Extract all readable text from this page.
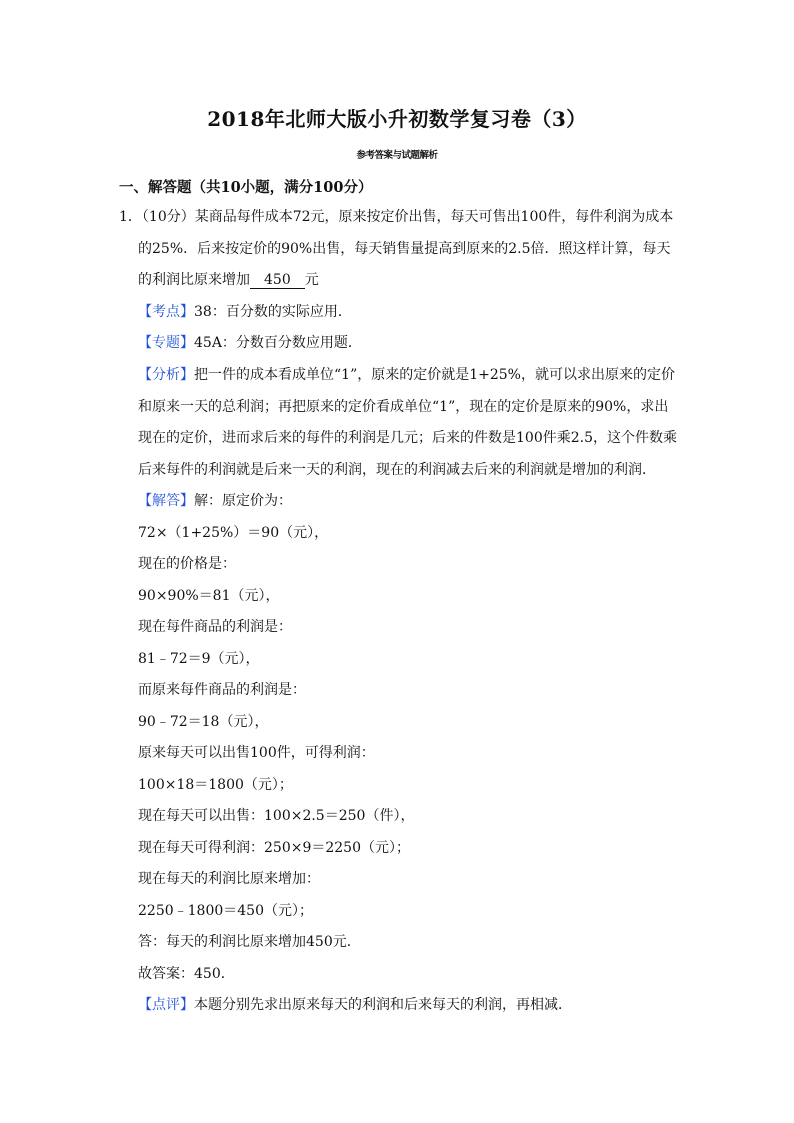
2018年北师大版小升初数学复习卷（3）
参考答案与试题解析
一、解答题（共10小题，满分100分）
1．（10分）某商品每件成本72元，原来按定价出售，每天可售出100件，每件利润为成本
的25%．后来按定价的90%出售，每天销售量提高到原来的2.5倍．照这样计算，每天
的利润比原来增加 450 元
【考点】38：百分数的实际应用．
【专题】45A：分数百分数应用题．
【分析】把一件的成本看成单位“1”，原来的定价就是1+25%，就可以求出原来的定价
和原来一天的总利润；再把原来的定价看成单位“1”，现在的定价是原来的90%，求出
现在的定价，进而求后来的每件的利润是几元；后来的件数是100件乘2.5，这个件数乘
后来每件的利润就是后来一天的利润，现在的利润减去后来的利润就是增加的利润．
【解答】解：原定价为：
72×（1+25%）＝90（元），
现在的价格是：
90×90%＝81（元），
现在每件商品的利润是：
81﹣72＝9（元），
而原来每件商品的利润是：
90﹣72＝18（元），
原来每天可以出售100件，可得利润：
100×18＝1800（元）；
现在每天可以出售：100×2.5＝250（件），
现在每天可得利润：250×9＝2250（元）；
现在每天的利润比原来增加：
2250﹣1800＝450（元）；
答：每天的利润比原来增加450元．
故答案：450．
【点评】本题分别先求出原来每天的利润和后来每天的利润，再相减．
